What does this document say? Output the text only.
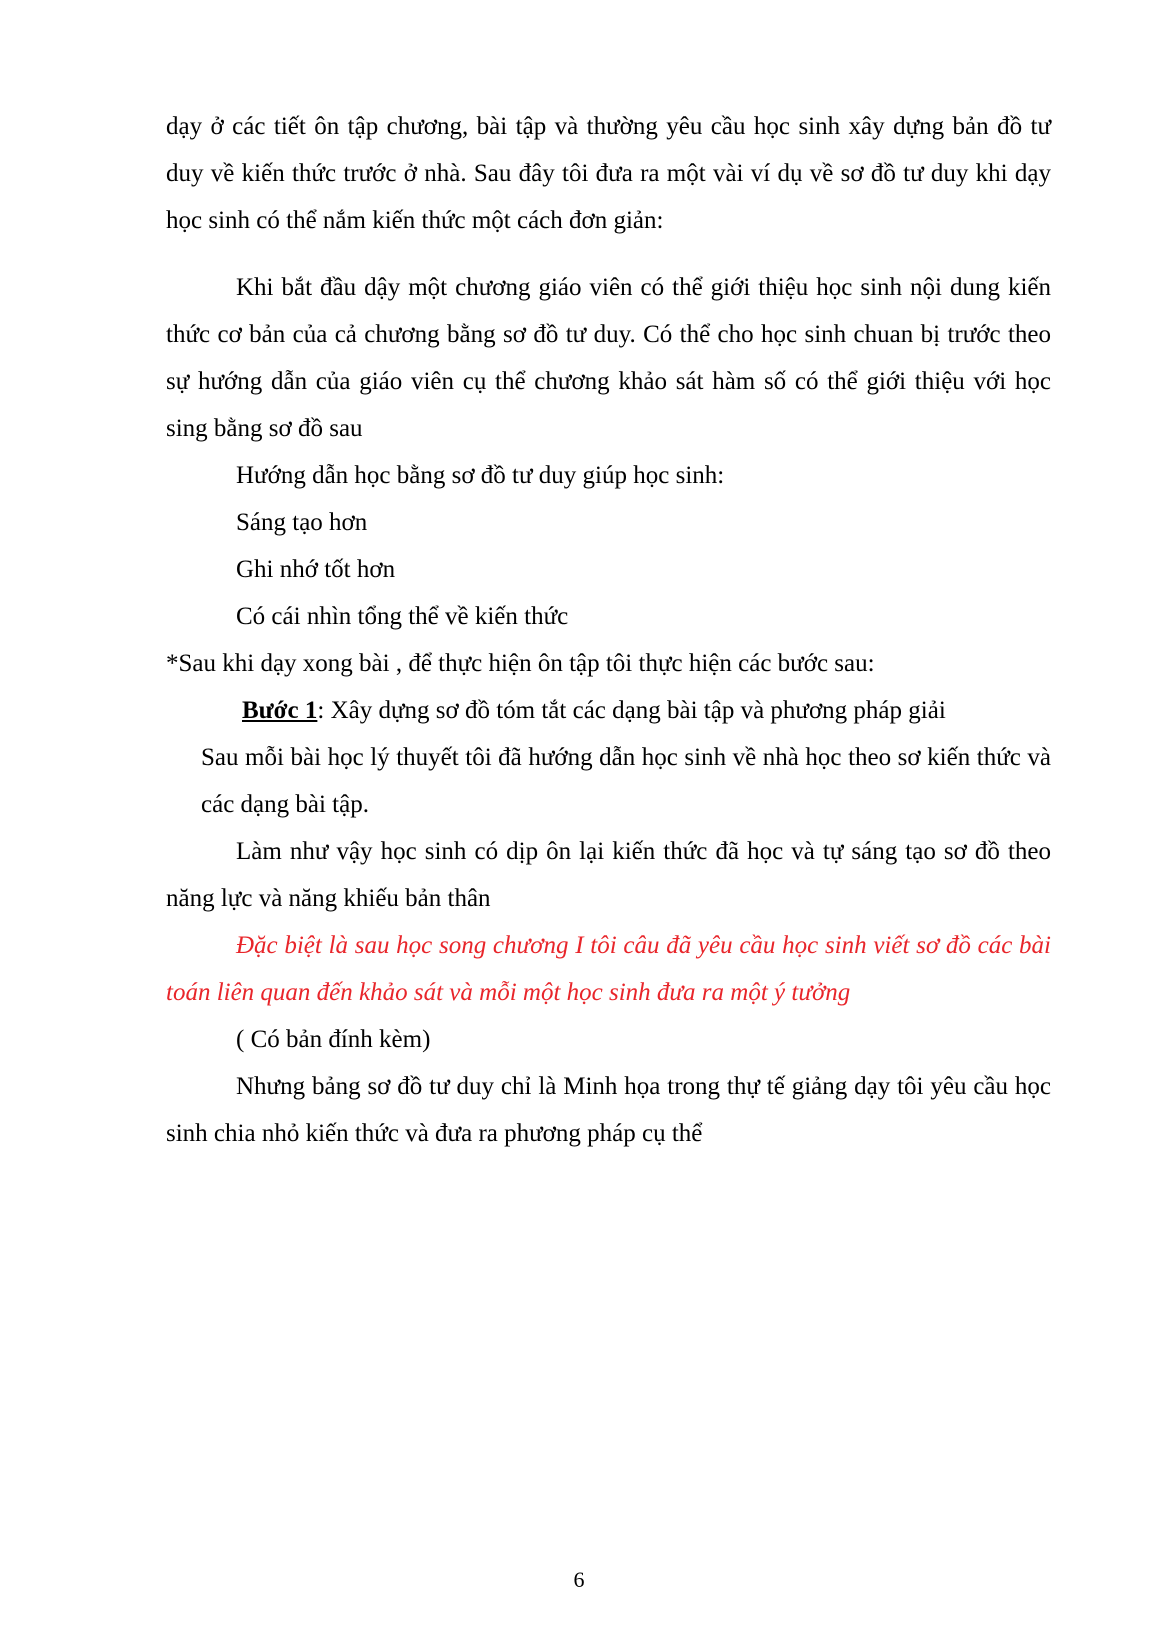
dạy ở các tiết ôn tập chương, bài tập và thường yêu cầu học sinh xây dựng bản đồ tư duy về kiến thức trước ở nhà. Sau đây tôi đưa ra một vài ví dụ về sơ đồ tư duy khi dạy học sinh có thể nắm kiến thức một cách đơn giản:

Khi bắt đầu dậy một chương giáo viên có thể giới thiệu học sinh nội dung kiến thức cơ bản của cả chương bằng sơ đồ tư duy. Có thể cho học sinh chuan bị trước theo sự hướng dẫn của giáo viên cụ thể chương khảo sát hàm số có thể giới thiệu với học sing bằng sơ đồ sau

Hướng dẫn học bằng sơ đồ tư duy giúp học sinh:

Sáng tạo hơn

Ghi nhớ tốt hơn

Có cái nhìn tổng thể về kiến thức

*Sau khi dạy xong bài , để thực hiện ôn tập tôi thực hiện các bước sau:

Bước 1: Xây dựng sơ đồ tóm tắt các dạng bài tập và phương pháp giải

Sau mỗi bài học lý thuyết tôi đã hướng dẫn học sinh về nhà học theo sơ kiến thức và các dạng bài tập.

Làm như vậy học sinh có dịp ôn lại kiến thức đã học và tự sáng tạo sơ đồ theo năng lực và năng khiếu bản thân

Đặc biệt là sau học song chương I tôi câu đã yêu cầu học sinh viết sơ đồ các bài toán liên quan đến khảo sát và mỗi một học sinh đưa ra một ý tưởng

( Có bản đính kèm)

Nhưng bảng sơ đồ tư duy chỉ là Minh họa trong thự tế giảng dạy tôi yêu cầu học sinh chia nhỏ kiến thức và đưa ra phương pháp cụ thể

6
